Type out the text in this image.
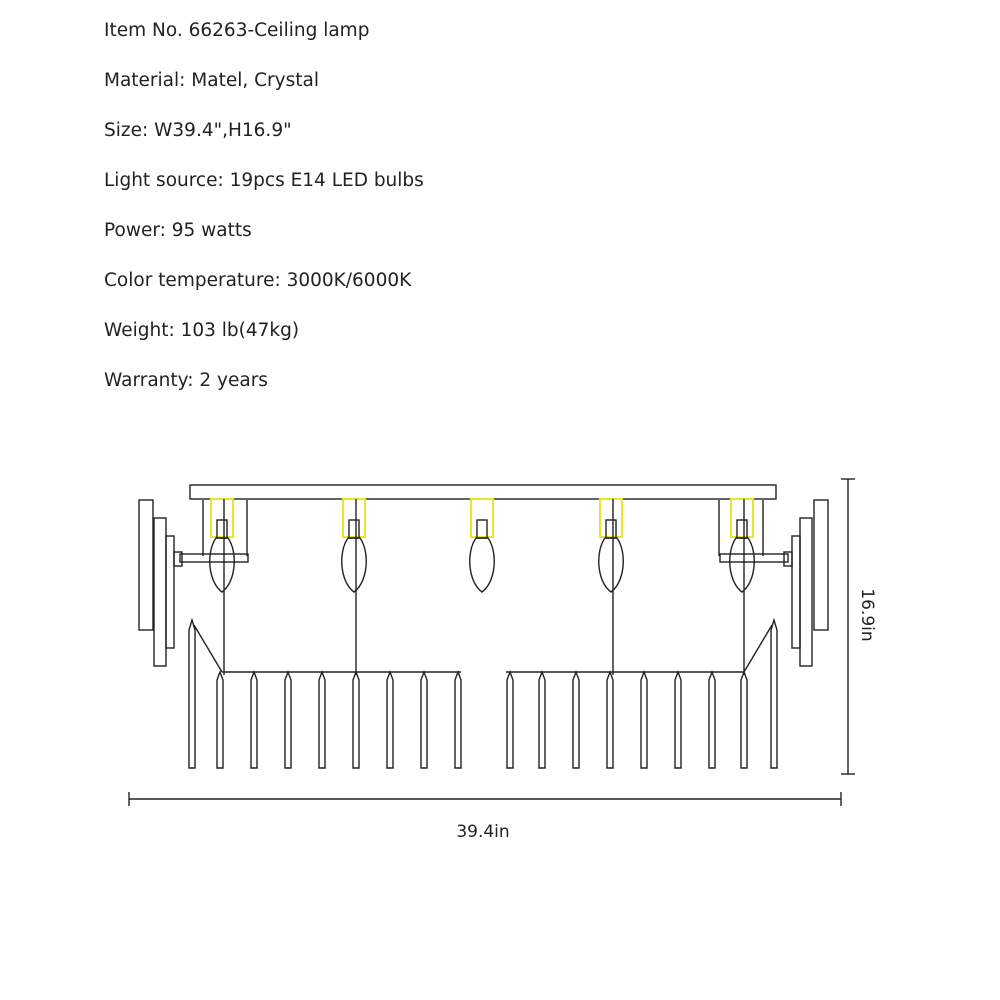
Item No. 66263-Ceiling lamp
Material: Matel, Crystal
Size: W39.4",H16.9"
Light source: 19pcs E14 LED bulbs
Power: 95 watts
Color temperature: 3000K/6000K
Weight: 103 lb(47kg)
Warranty: 2 years
39.4in
16.9in
